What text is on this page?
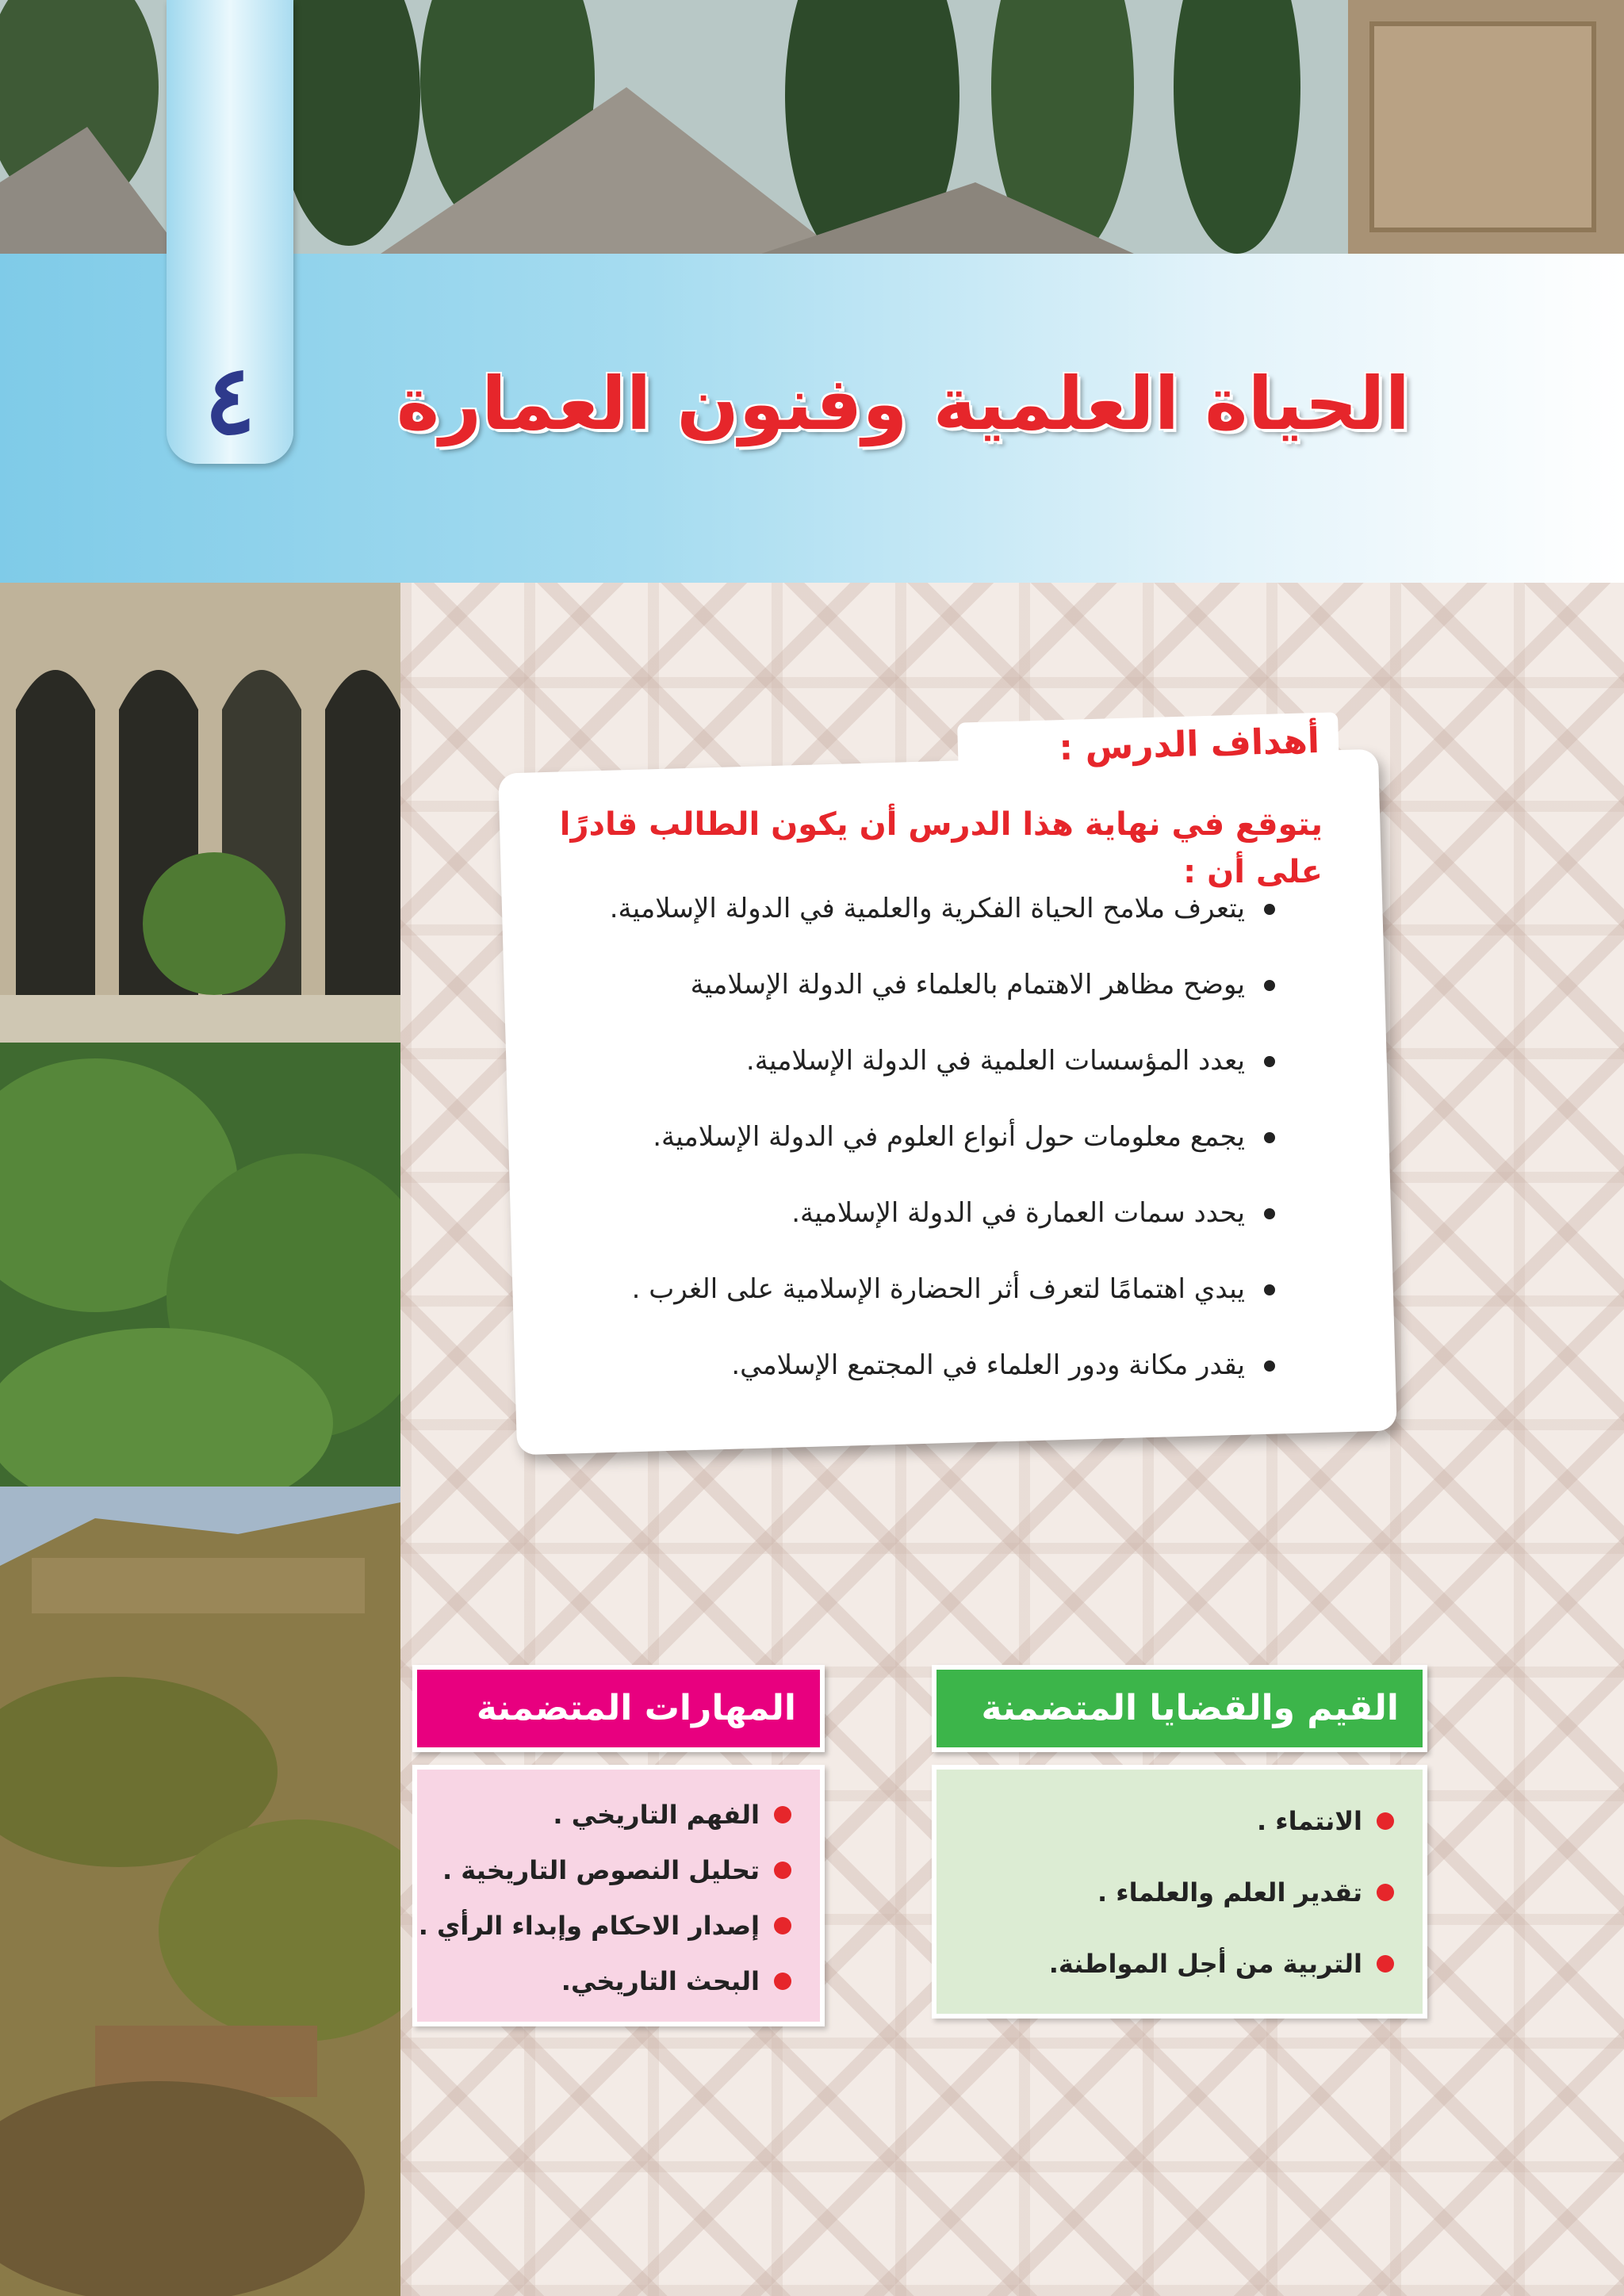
٤	الحياة العلمية وفنون العمارة
أهداف الدرس :
يتوقع في نهاية هذا الدرس أن يكون الطالب قادرًا على أن :
يتعرف ملامح الحياة الفكرية والعلمية في الدولة الإسلامية.
يوضح مظاهر الاهتمام بالعلماء في الدولة الإسلامية
يعدد المؤسسات العلمية في الدولة الإسلامية.
يجمع معلومات حول أنواع العلوم في الدولة الإسلامية.
يحدد سمات العمارة في الدولة الإسلامية.
يبدي اهتمامًا لتعرف أثر الحضارة الإسلامية على الغرب .
يقدر مكانة ودور العلماء في المجتمع الإسلامي.
المهارات المتضمنة
الفهم التاريخي .
تحليل النصوص التاريخية .
إصدار الاحكام وإبداء الرأي .
البحث التاريخي.
القيم والقضايا المتضمنة
الانتماء .
تقدير العلم والعلماء .
التربية من أجل المواطنة.
